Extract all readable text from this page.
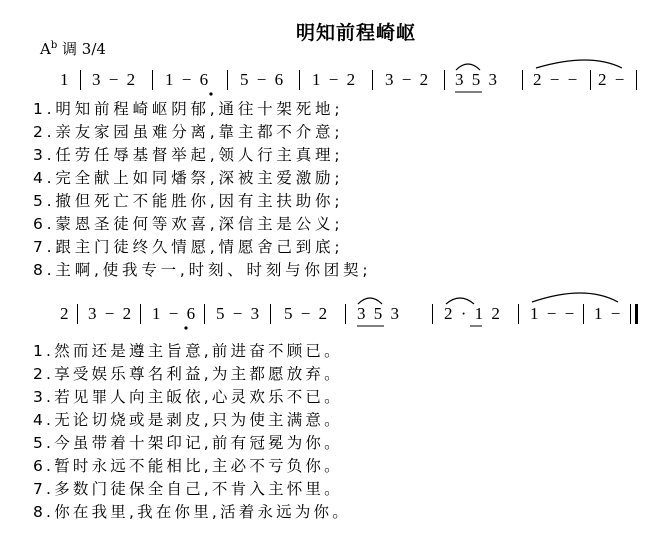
明知前程崎岖
$A^b$ 调 3/4
1 3 − 2 1 − 6 5 − 6 1 − 2 3 − 2 3 5 3 2 − − 2 −
1.明知前程崎岖阴郁,通往十架死地;
2.亲友家园虽难分离,靠主都不介意;
3.任劳任辱基督举起,领人行主真理;
4.完全献上如同燔祭,深被主爱激励;
5.撤但死亡不能胜你,因有主扶助你;
6.蒙恩圣徒何等欢喜,深信主是公义;
7.跟主门徒终久情愿,情愿舍己到底;
8.主啊,使我专一,时刻、时刻与你团契;
2 3 − 2 1 − 6 5 − 3 5 − 2 3 5 3	2 · 1 2 1 − − 1 −
1.然而还是遵主旨意,前进奋不顾已。
2.享受娱乐尊名利益,为主都愿放弃。
3.若见罪人向主皈依,心灵欢乐不已。
4.无论切烧或是剥皮,只为使主满意。
5.今虽带着十架印记,前有冠冕为你。
6.暂时永远不能相比,主必不亏负你。
7.多数门徒保全自己,不肯入主怀里。
8.你在我里,我在你里,活着永远为你。
